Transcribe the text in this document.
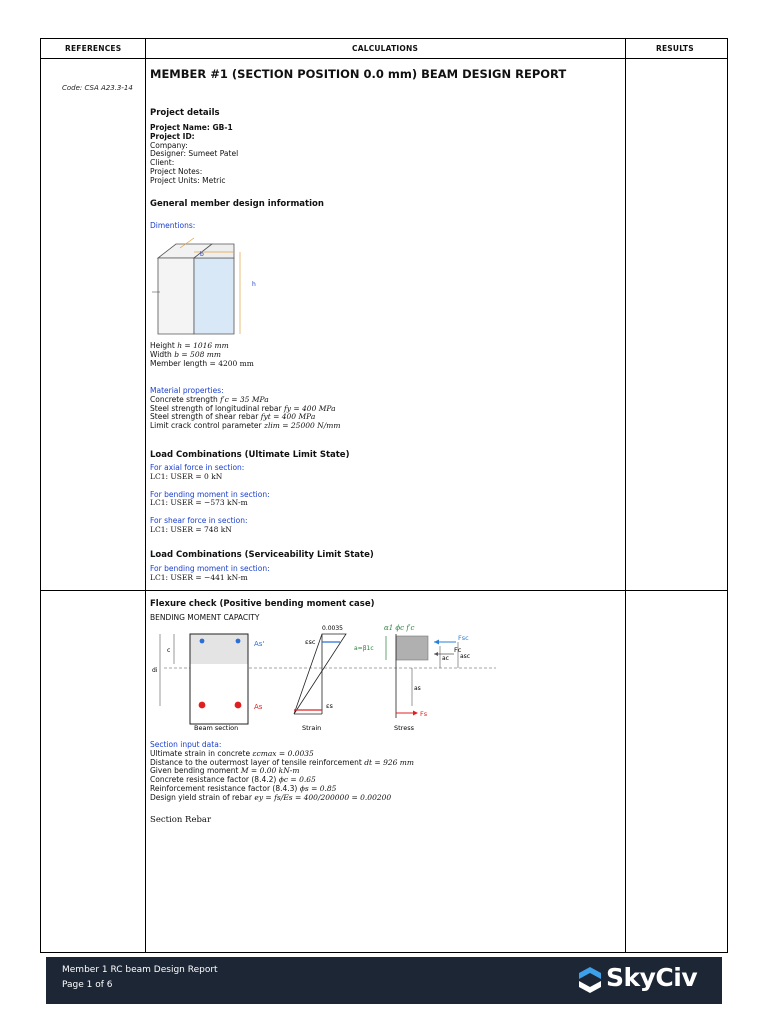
REFERENCES	CALCULATIONS	RESULTS
Code: CSA A23.3-14
MEMBER #1 (SECTION POSITION 0.0 mm) BEAM DESIGN REPORT
Project details
Project Name: GB-1
Project ID:
Company:
Designer: Sumeet Patel
Client:
Project Notes:
Project Units: Metric
General member design information
Dimentions:
b
h
Height h = 1016 mm
Width b = 508 mm
Member length = 4200 mm
Material properties:
Concrete strength f′c = 35 MPa
Steel strength of longitudinal rebar fy = 400 MPa
Steel strength of shear rebar fyt = 400 MPa
Limit crack control parameter zlim = 25000 N/mm
Load Combinations (Ultimate Limit State)
For axial force in section:
LC1: USER = 0 kN
For bending moment in section:
LC1: USER = −573 kN-m
For shear force in section:
LC1: USER = 748 kN
Load Combinations (Serviceability Limit State)
For bending moment in section:
LC1: USER = −441 kN-m
Flexure check (Positive bending moment case)
BENDING MOMENT CAPACITY
c
di
As'
As
Beam section
0.0035
εsc
εs
Strain
α1 ϕc f′c
a=β1c
Fsc
Fc
ac asc
as
Fs
Stress
Section input data:
Ultimate strain in concrete εcmax = 0.0035
Distance to the outermost layer of tensile reinforcement dt = 926 mm
Given bending moment M = 0.00 kN-m
Concrete resistance factor (8.4.2) ϕc = 0.65
Reinforcement resistance factor (8.4.3) ϕs = 0.85
Design yield strain of rebar ey = fs/Es = 400/200000 = 0.00200
Section Rebar
Member 1 RC beam Design Report
Page 1 of 6	SkyCiv
